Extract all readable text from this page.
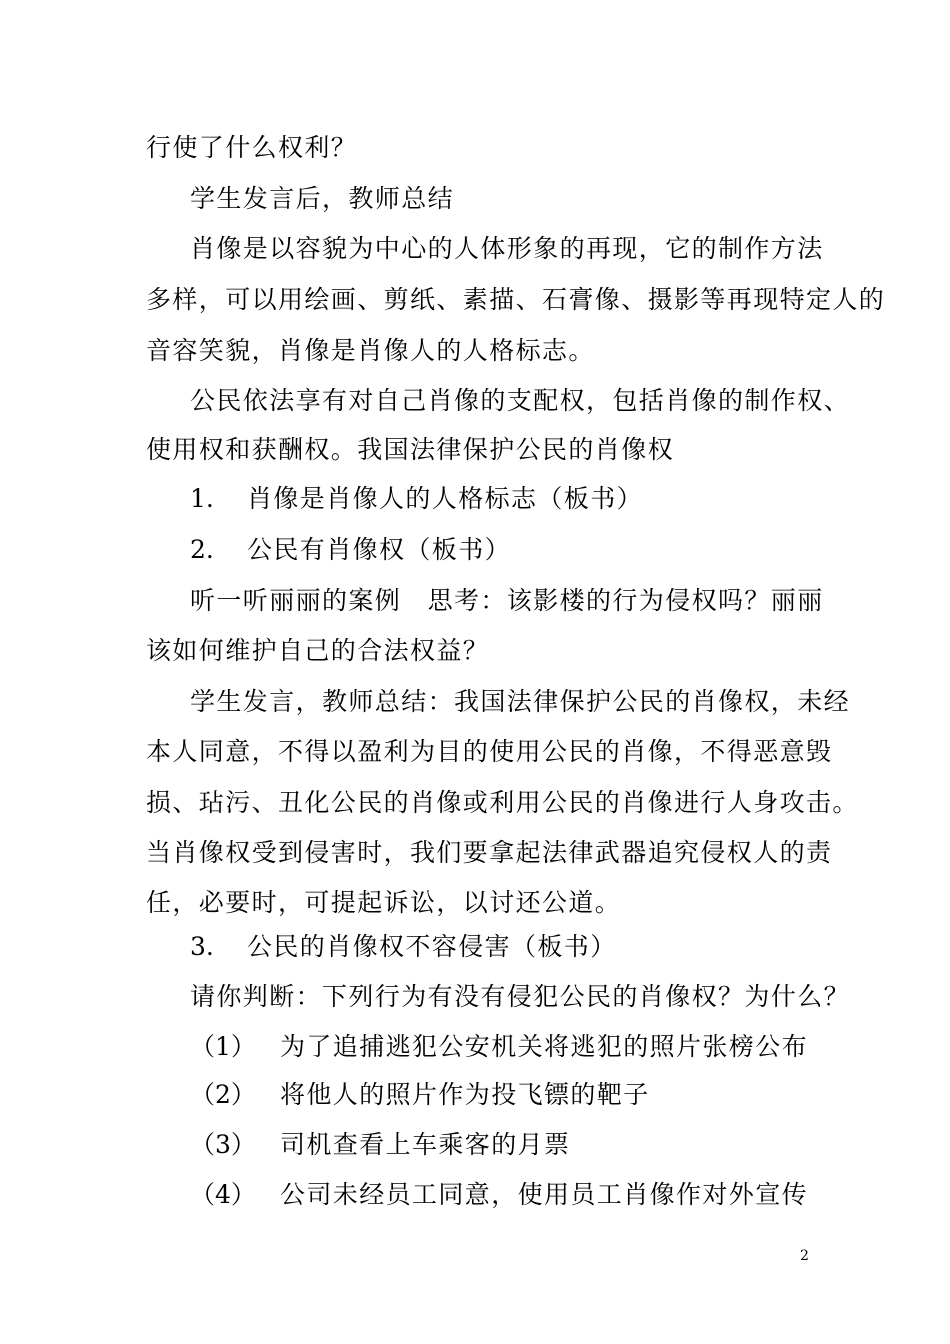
行使了什么权利？
学生发言后，教师总结
肖像是以容貌为中心的人体形象的再现，它的制作方法
多样，可以用绘画、剪纸、素描、石膏像、摄影等再现特定人的
音容笑貌，肖像是肖像人的人格标志。
公民依法享有对自己肖像的支配权，包括肖像的制作权、
使用权和获酬权。我国法律保护公民的肖像权
1. 肖像是肖像人的人格标志（板书）
2. 公民有肖像权（板书）
听一听丽丽的案例　思考：该影楼的行为侵权吗？丽丽
该如何维护自己的合法权益？
学生发言，教师总结：我国法律保护公民的肖像权，未经
本人同意，不得以盈利为目的使用公民的肖像，不得恶意毁
损、玷污、丑化公民的肖像或利用公民的肖像进行人身攻击。
当肖像权受到侵害时，我们要拿起法律武器追究侵权人的责
任，必要时，可提起诉讼，以讨还公道。
3. 公民的肖像权不容侵害（板书）
请你判断：下列行为有没有侵犯公民的肖像权？为什么？
（1） 为了追捕逃犯公安机关将逃犯的照片张榜公布
（2） 将他人的照片作为投飞镖的靶子
（3） 司机查看上车乘客的月票
（4） 公司未经员工同意，使用员工肖像作对外宣传
2
